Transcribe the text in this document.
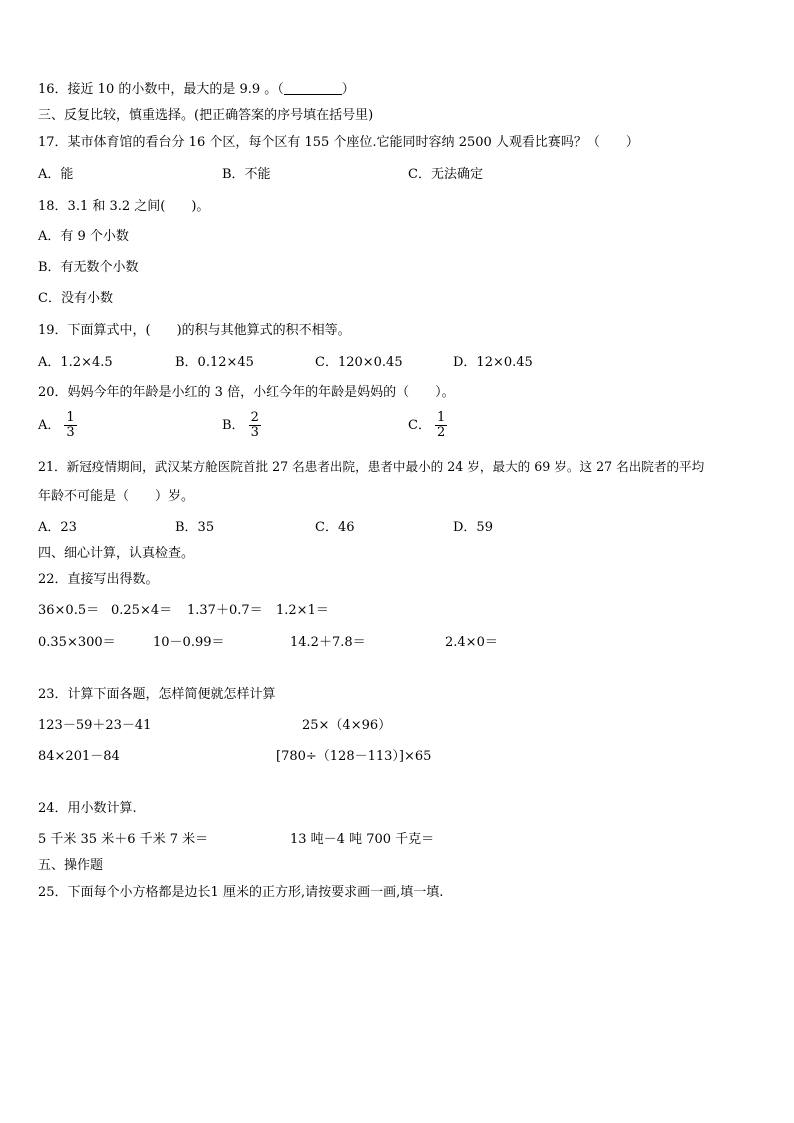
16．接近 10 的小数中，最大的是 9.9 。（	）
三、反复比较，慎重选择。(把正确答案的序号填在括号里)
17．某市体育馆的看台分 16 个区，每个区有 155 个座位.它能同时容纳 2500 人观看比赛吗？（　　）
A．能	B．不能	C．无法确定
18．3.1 和 3.2 之间(　　)。
A．有 9 个小数
B．有无数个小数
C．没有小数
19．下面算式中，(　　)的积与其他算式的积不相等。
A．1.2×4.5	B．0.12×45	C．120×0.45	D．12×0.45
20．妈妈今年的年龄是小红的 3 倍，小红今年的年龄是妈妈的（　　）。
A． $\frac{1}{3}$	B． $\frac{2}{3}$	C． $\frac{1}{2}$
21．新冠疫情期间，武汉某方舱医院首批 27 名患者出院，患者中最小的 24 岁，最大的 69 岁。这 27 名出院者的平均
年龄不可能是（　　）岁。
A．23	B．35	C．46	D．59
四、细心计算，认真检查。
22．直接写出得数。
36×0.5＝ 0.25×4＝ 1.37＋0.7＝ 1.2×1＝
0.35×300＝	10－0.99＝	14.2＋7.8＝	2.4×0＝
23．计算下面各题，怎样简便就怎样计算
123－59＋23－41	25×（4×96）
84×201－84	[780÷（128－113）]×65
24．用小数计算.
5 千米 35 米＋6 千米 7 米＝	13 吨－4 吨 700 千克＝
五、操作题
25．下面每个小方格都是边长1 厘米的正方形,请按要求画一画,填一填.
